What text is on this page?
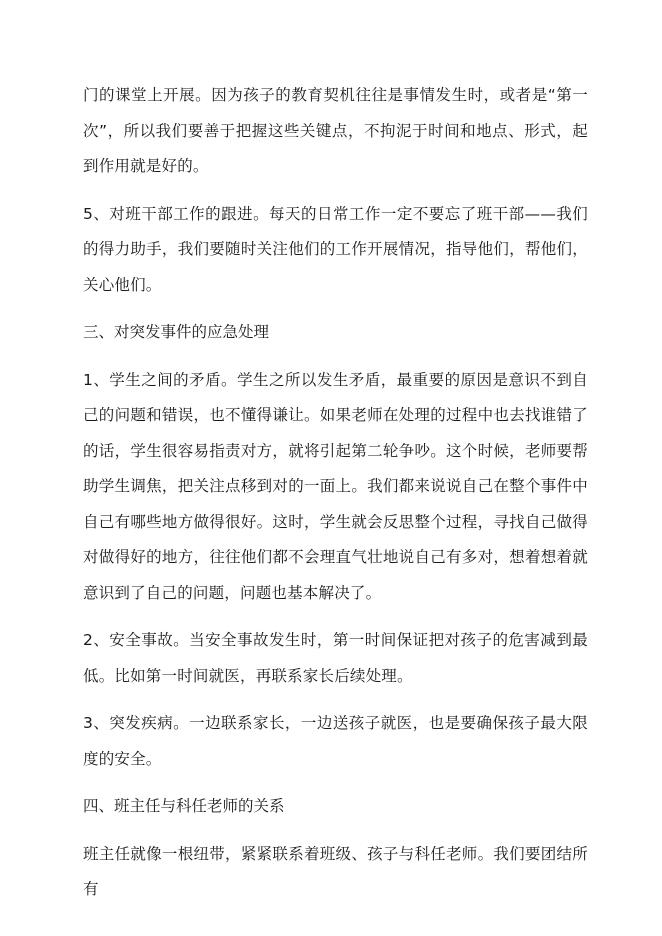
门的课堂上开展。因为孩子的教育契机往往是事情发生时，或者是“第一次”，所以我们要善于把握这些关键点，不拘泥于时间和地点、形式，起到作用就是好的。

5、对班干部工作的跟进。每天的日常工作一定不要忘了班干部——我们的得力助手，我们要随时关注他们的工作开展情况，指导他们，帮他们，关心他们。

三、对突发事件的应急处理

1、学生之间的矛盾。学生之所以发生矛盾，最重要的原因是意识不到自己的问题和错误，也不懂得谦让。如果老师在处理的过程中也去找谁错了的话，学生很容易指责对方，就将引起第二轮争吵。这个时候，老师要帮助学生调焦，把关注点移到对的一面上。我们都来说说自己在整个事件中自己有哪些地方做得很好。这时，学生就会反思整个过程，寻找自己做得对做得好的地方，往往他们都不会理直气壮地说自己有多对，想着想着就意识到了自己的问题，问题也基本解决了。

2、安全事故。当安全事故发生时，第一时间保证把对孩子的危害减到最低。比如第一时间就医，再联系家长后续处理。

3、突发疾病。一边联系家长，一边送孩子就医，也是要确保孩子最大限度的安全。

四、班主任与科任老师的关系

班主任就像一根纽带，紧紧联系着班级、孩子与科任老师。我们要团结所有
